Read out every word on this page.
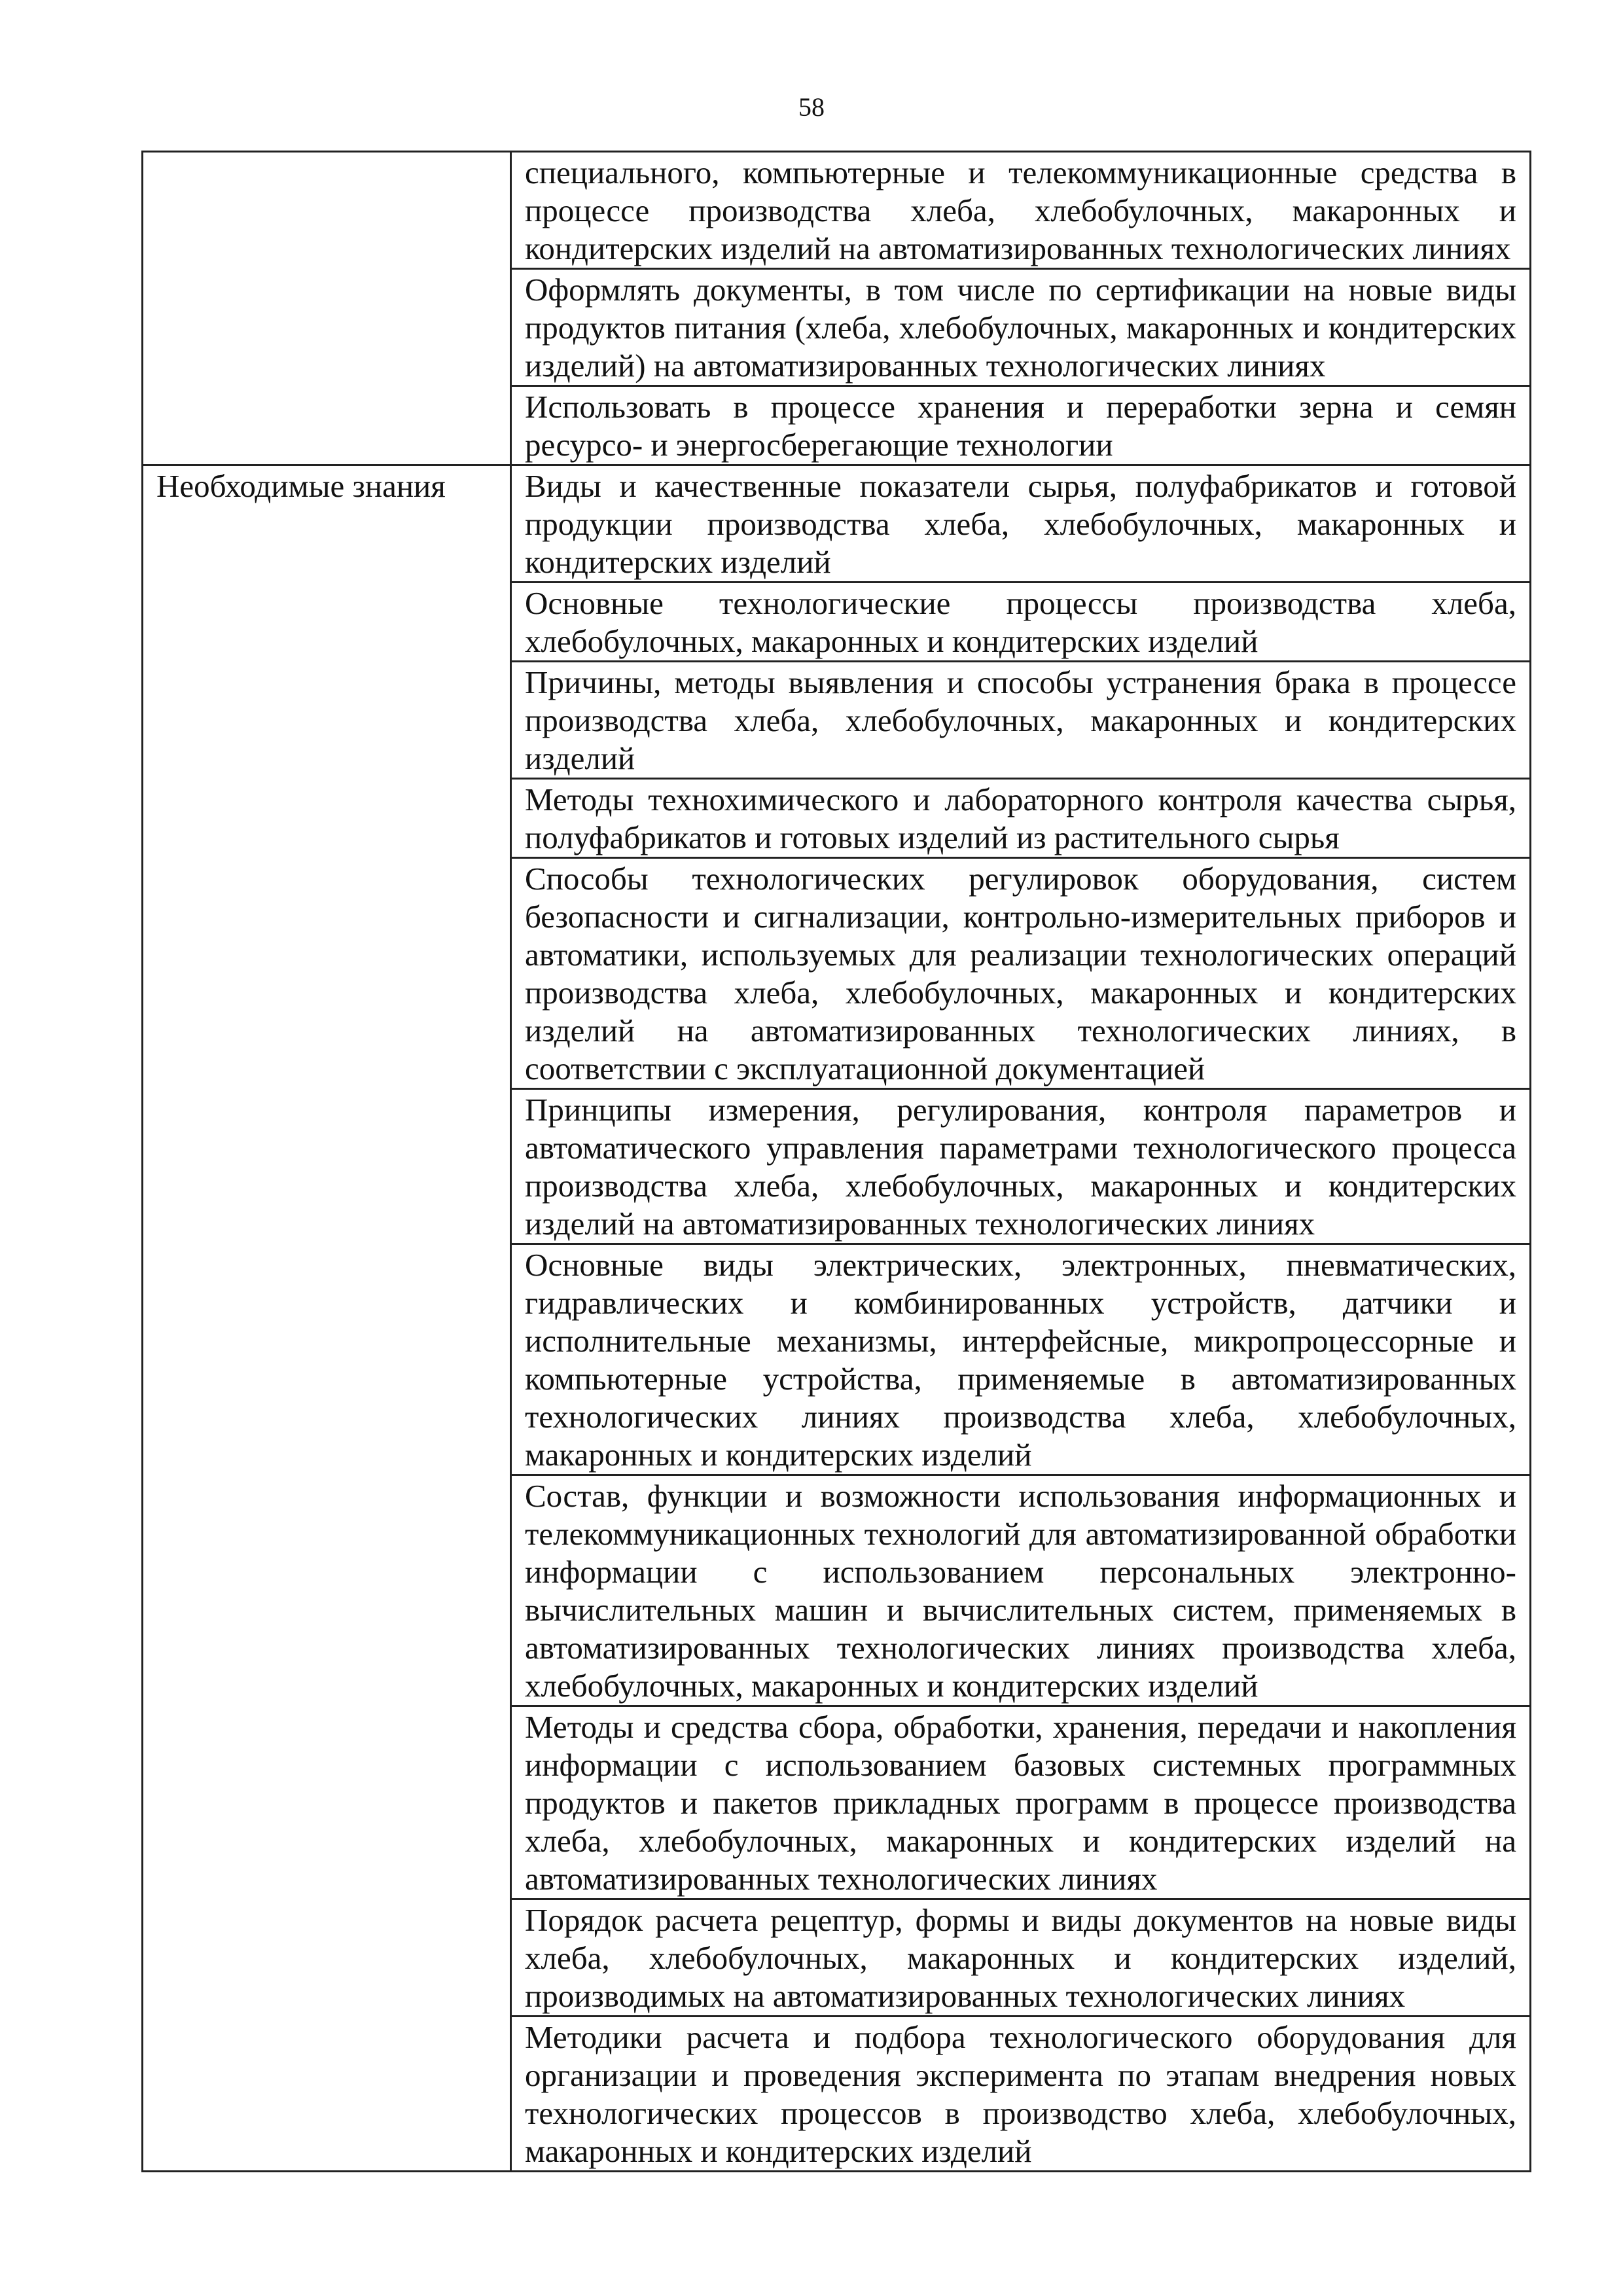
58
	специального, компьютерные и телекоммуникационные средства в процессе производства хлеба, хлебобулочных, макаронных и кондитерских изделий на автоматизированных технологических линиях
	Оформлять документы, в том числе по сертификации на новые виды продуктов питания (хлеба, хлебобулочных, макаронных и кондитерских изделий) на автоматизированных технологических линиях
	Использовать в процессе хранения и переработки зерна и семян ресурсо- и энергосберегающие технологии
Необходимые знания	Виды и качественные показатели сырья, полуфабрикатов и готовой продукции производства хлеба, хлебобулочных, макаронных и кондитерских изделий
	Основные технологические процессы производства хлеба, хлебобулочных, макаронных и кондитерских изделий
	Причины, методы выявления и способы устранения брака в процессе производства хлеба, хлебобулочных, макаронных и кондитерских изделий
	Методы технохимического и лабораторного контроля качества сырья, полуфабрикатов и готовых изделий из растительного сырья
	Способы технологических регулировок оборудования, систем безопасности и сигнализации, контрольно-измерительных приборов и автоматики, используемых для реализации технологических операций производства хлеба, хлебобулочных, макаронных и кондитерских изделий на автоматизированных технологических линиях, в соответствии с эксплуатационной документацией
	Принципы измерения, регулирования, контроля параметров и автоматического управления параметрами технологического процесса производства хлеба, хлебобулочных, макаронных и кондитерских изделий на автоматизированных технологических линиях
	Основные виды электрических, электронных, пневматических, гидравлических и комбинированных устройств, датчики и исполнительные механизмы, интерфейсные, микропроцессорные и компьютерные устройства, применяемые в автоматизированных технологических линиях производства хлеба, хлебобулочных, макаронных и кондитерских изделий
	Состав, функции и возможности использования информационных и телекоммуникационных технологий для автоматизированной обработки информации с использованием персональных электронно-вычислительных машин и вычислительных систем, применяемых в автоматизированных технологических линиях производства хлеба, хлебобулочных, макаронных и кондитерских изделий
	Методы и средства сбора, обработки, хранения, передачи и накопления информации с использованием базовых системных программных продуктов и пакетов прикладных программ в процессе производства хлеба, хлебобулочных, макаронных и кондитерских изделий на автоматизированных технологических линиях
	Порядок расчета рецептур, формы и виды документов на новые виды хлеба, хлебобулочных, макаронных и кондитерских изделий, производимых на автоматизированных технологических линиях
	Методики расчета и подбора технологического оборудования для организации и проведения эксперимента по этапам внедрения новых технологических процессов в производство хлеба, хлебобулочных, макаронных и кондитерских изделий
